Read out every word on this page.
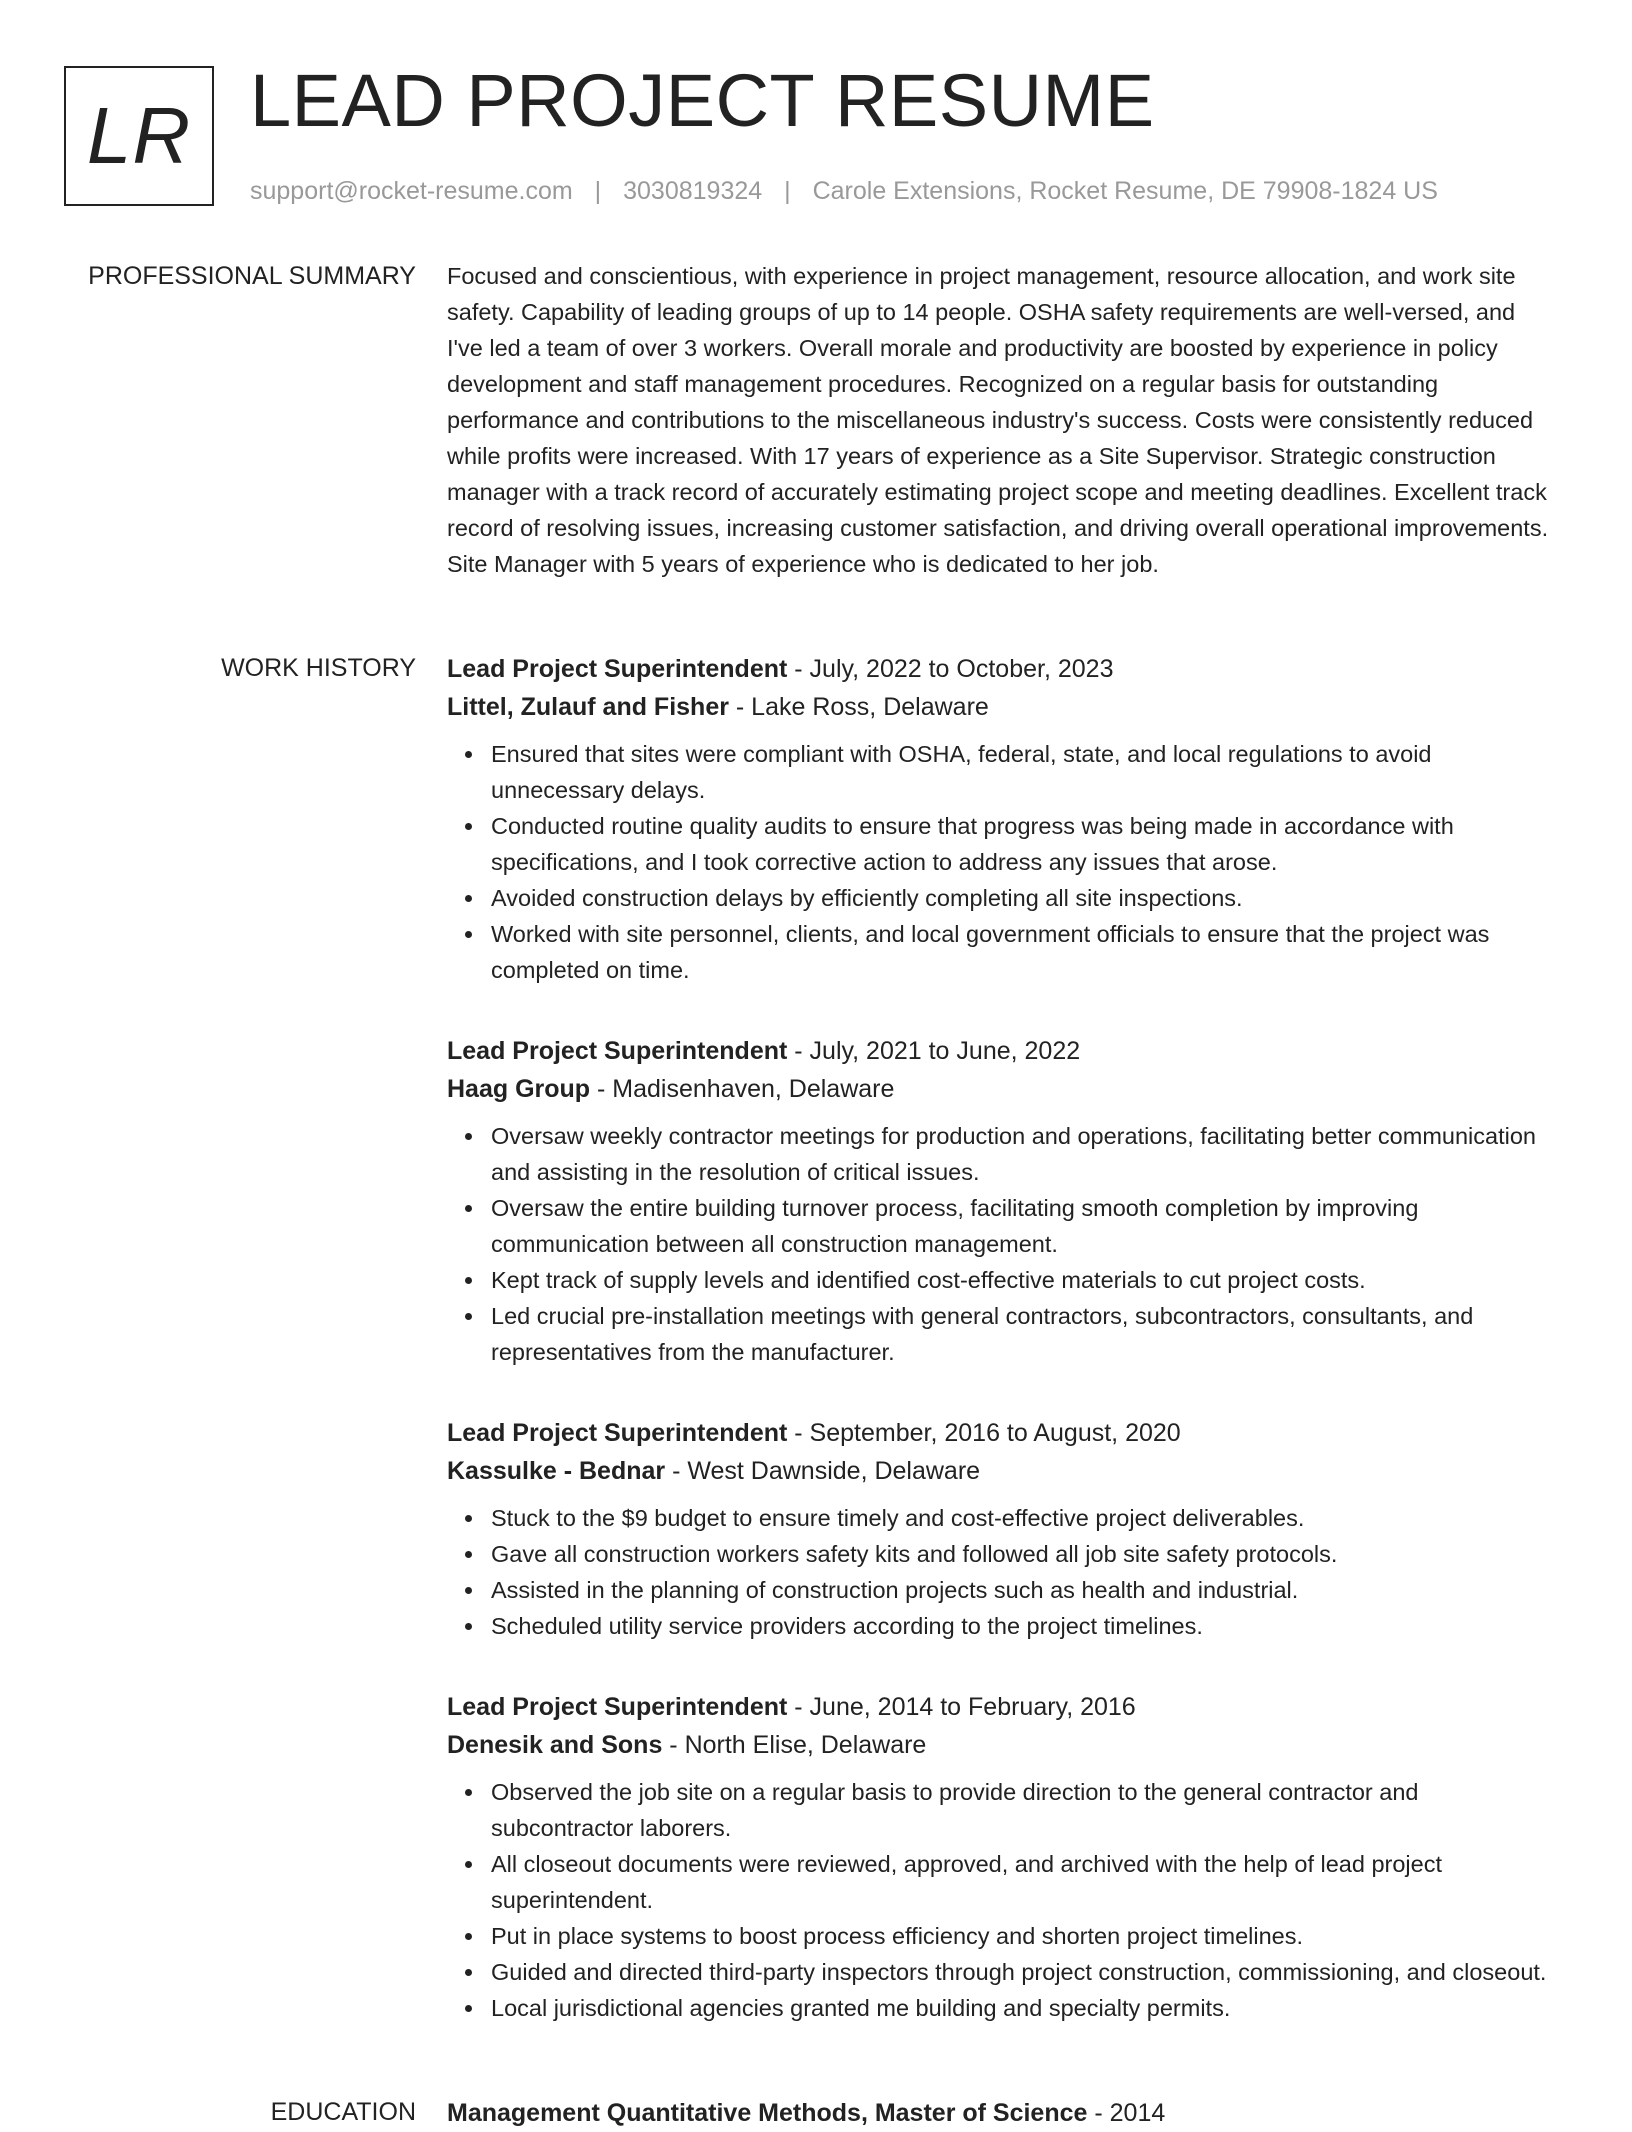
LR LEAD PROJECT RESUME
support@rocket-resume.com | 3030819324 | Carole Extensions, Rocket Resume, DE 79908-1824 US
PROFESSIONAL SUMMARY Focused and conscientious, with experience in project management, resource allocation, and work site safety. Capability of leading groups of up to 14 people. OSHA safety requirements are well-versed, and I've led a team of over 3 workers. Overall morale and productivity are boosted by experience in policy development and staff management procedures. Recognized on a regular basis for outstanding performance and contributions to the miscellaneous industry's success. Costs were consistently reduced while profits were increased. With 17 years of experience as a Site Supervisor. Strategic construction manager with a track record of accurately estimating project scope and meeting deadlines. Excellent track record of resolving issues, increasing customer satisfaction, and driving overall operational improvements. Site Manager with 5 years of experience who is dedicated to her job.

WORK HISTORY Lead Project Superintendent - July, 2022 to October, 2023
Littel, Zulauf and Fisher - Lake Ross, Delaware
Ensured that sites were compliant with OSHA, federal, state, and local regulations to avoid unnecessary delays.
Conducted routine quality audits to ensure that progress was being made in accordance with specifications, and I took corrective action to address any issues that arose.
Avoided construction delays by efficiently completing all site inspections.
Worked with site personnel, clients, and local government officials to ensure that the project was completed on time.
Lead Project Superintendent - July, 2021 to June, 2022
Haag Group - Madisenhaven, Delaware
Oversaw weekly contractor meetings for production and operations, facilitating better communication and assisting in the resolution of critical issues.
Oversaw the entire building turnover process, facilitating smooth completion by improving communication between all construction management.
Kept track of supply levels and identified cost-effective materials to cut project costs.
Led crucial pre-installation meetings with general contractors, subcontractors, consultants, and representatives from the manufacturer.
Lead Project Superintendent - September, 2016 to August, 2020
Kassulke - Bednar - West Dawnside, Delaware
Stuck to the $9 budget to ensure timely and cost-effective project deliverables.
Gave all construction workers safety kits and followed all job site safety protocols.
Assisted in the planning of construction projects such as health and industrial.
Scheduled utility service providers according to the project timelines.
Lead Project Superintendent - June, 2014 to February, 2016
Denesik and Sons - North Elise, Delaware
Observed the job site on a regular basis to provide direction to the general contractor and subcontractor laborers.
All closeout documents were reviewed, approved, and archived with the help of lead project superintendent.
Put in place systems to boost process efficiency and shorten project timelines.
Guided and directed third-party inspectors through project construction, commissioning, and closeout.
Local jurisdictional agencies granted me building and specialty permits.
EDUCATION Management Quantitative Methods, Master of Science - 2014
